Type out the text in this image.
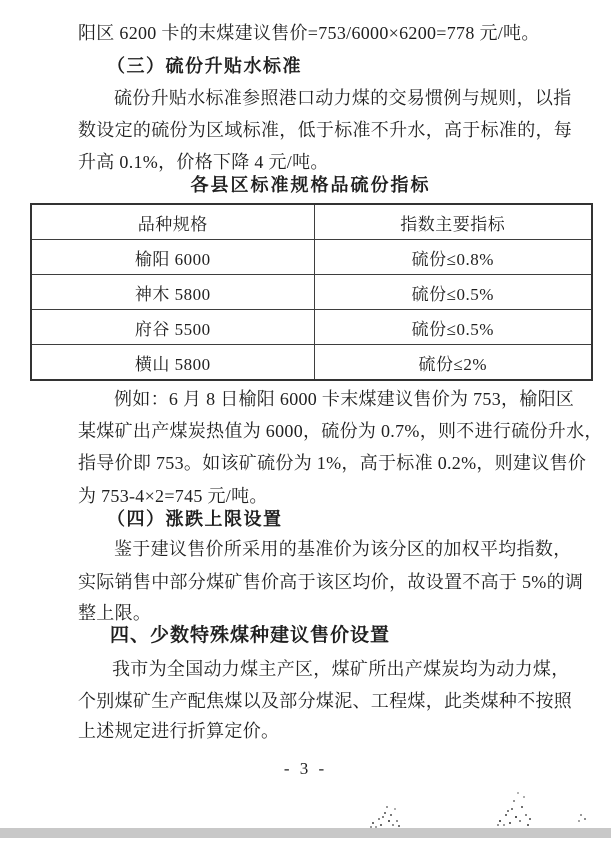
阳区 6200 卡的末煤建议售价=753/6000×6200=778 元/吨。
（三）硫份升贴水标准
硫份升贴水标准参照港口动力煤的交易惯例与规则，以指
数设定的硫份为区域标准，低于标准不升水，高于标准的，每
升高 0.1%，价格下降 4 元/吨。
各县区标准规格品硫份指标
品种规格	指数主要指标
榆阳 6000	硫份≤0.8%
神木 5800	硫份≤0.5%
府谷 5500	硫份≤0.5%
横山 5800	硫份≤2%
例如：6 月 8 日榆阳 6000 卡末煤建议售价为 753，榆阳区
某煤矿出产煤炭热值为 6000，硫份为 0.7%，则不进行硫份升水，
指导价即 753。如该矿硫份为 1%，高于标准 0.2%，则建议售价
为 753-4×2=745 元/吨。
（四）涨跌上限设置
鉴于建议售价所采用的基准价为该分区的加权平均指数，
实际销售中部分煤矿售价高于该区均价，故设置不高于 5%的调
整上限。
四、少数特殊煤种建议售价设置
我市为全国动力煤主产区，煤矿所出产煤炭均为动力煤，
个别煤矿生产配焦煤以及部分煤泥、工程煤，此类煤种不按照
上述规定进行折算定价。
- 3 -
